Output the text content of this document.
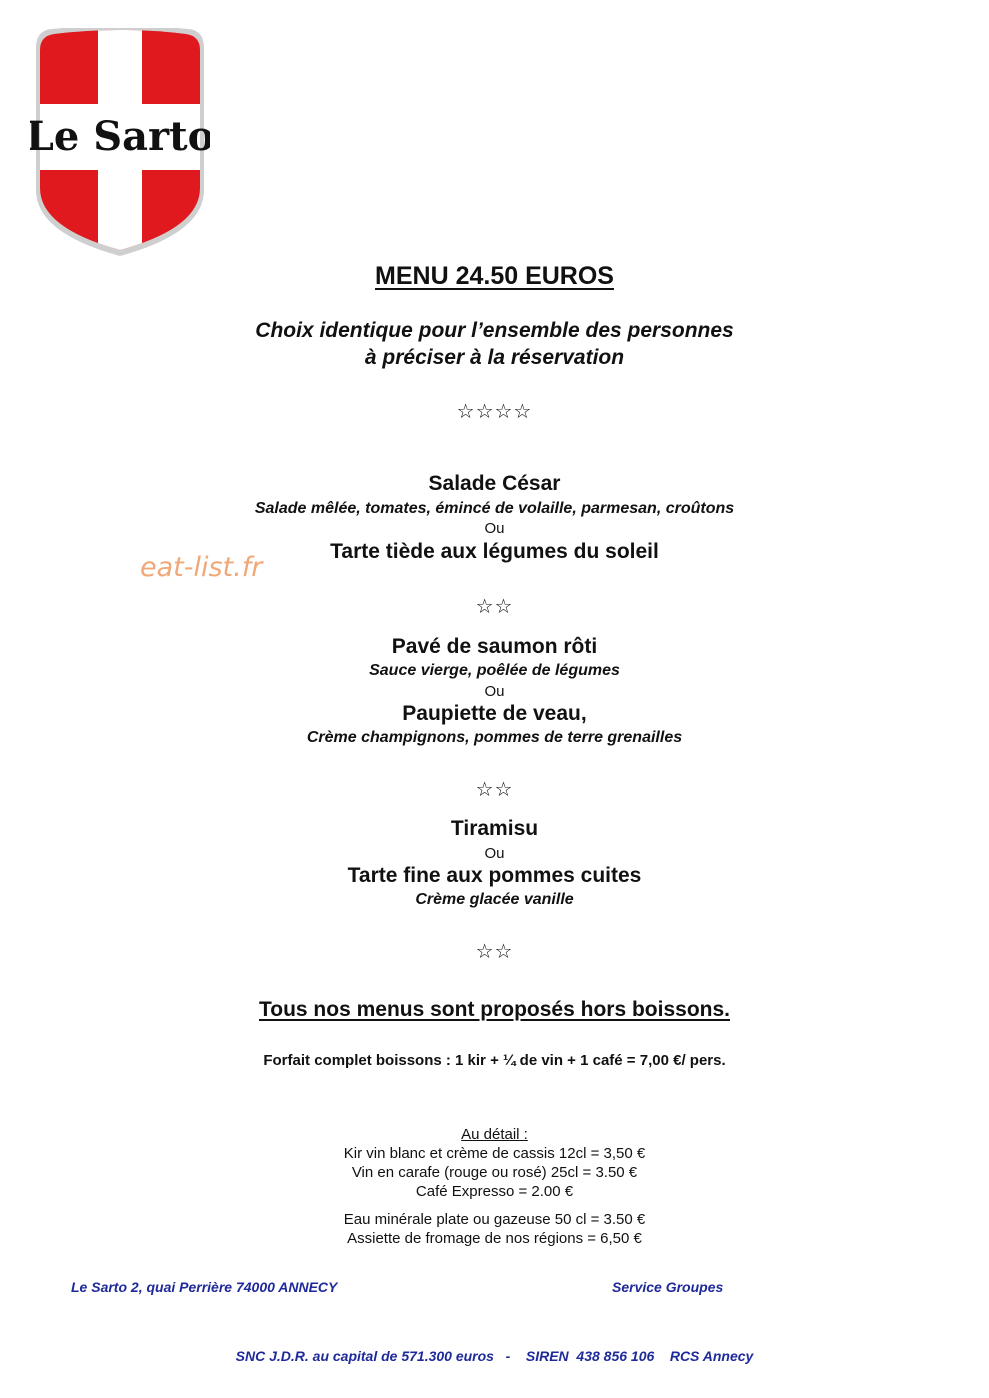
Le Sarto
MENU 24.50 EUROS
Choix identique pour l’ensemble des personnes
à préciser à la réservation
☆☆☆☆
Salade César
Salade mêlée, tomates, émincé de volaille, parmesan, croûtons
Ou
Tarte tiède aux légumes du soleil
eat-list.fr
☆☆
Pavé de saumon rôti
Sauce vierge, poêlée de légumes
Ou
Paupiette de veau,
Crème champignons, pommes de terre grenailles
☆☆
Tiramisu
Ou
Tarte fine aux pommes cuites
Crème glacée vanille
☆☆
Tous nos menus sont proposés hors boissons.
Forfait complet boissons : 1 kir + ¼ de vin + 1 café = 7,00 €/ pers.
Au détail :
Kir vin blanc et crème de cassis 12cl = 3,50 €
Vin en carafe (rouge ou rosé) 25cl = 3.50 €
Café Expresso = 2.00 €
Eau minérale plate ou gazeuse 50 cl = 3.50 €
Assiette de fromage de nos régions = 6,50 €
Le Sarto 2, quai Perrière 74000 ANNECY	Service Groupes
SNC J.D.R. au capital de 571.300 euros   -    SIREN  438 856 106    RCS Annecy
